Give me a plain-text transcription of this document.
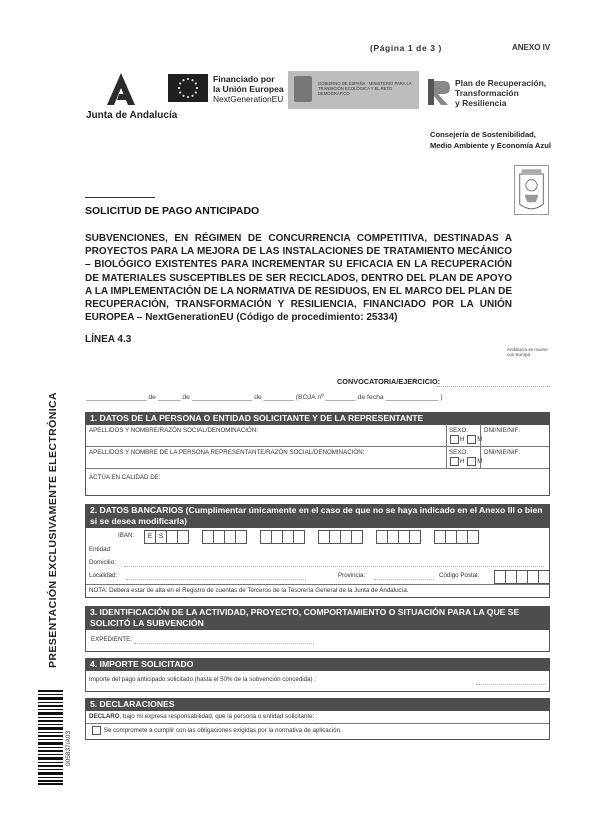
(Página 1 de 3 )	ANEXO IV
Junta de Andalucía
Financiado por
la Unión Europea
NextGenerationEU
GOBIERNO DE ESPAÑA · MINISTERIO PARA LA TRANSICIÓN ECOLÓGICA Y EL RETO DEMOGRÁFICO
Plan de Recuperación,
Transformación
y Resiliencia
Consejería de Sostenibilidad,
Medio Ambiente y Economía Azul
SOLICITUD DE PAGO ANTICIPADO
SUBVENCIONES, EN RÉGIMEN DE CONCURRENCIA COMPETITIVA, DESTINADAS A PROYECTOS PARA LA MEJORA DE LAS INSTALACIONES DE TRATAMIENTO MECÁNICO – BIOLÓGICO EXISTENTES PARA INCREMENTAR SU EFICACIA EN LA RECUPERACIÓN DE MATERIALES SUSCEPTIBLES DE SER RECICLADOS, DENTRO DEL PLAN DE APOYO A LA IMPLEMENTACIÓN DE LA NORMATIVA DE RESIDUOS, EN EL MARCO DEL PLAN DE RECUPERACIÓN, TRANSFORMACIÓN Y RESILIENCIA, FINANCIADO POR LA UNIÓN EUROPEA – NextGenerationEU (Código de procedimiento: 25334)
LÍNEA 4.3
Andalucía se mueve con Europa
CONVOCATORIA/EJERCICIO:
________________ de ______ de ________________ de ________ (BOJA nº ________ de fecha ______________ )
PRESENTACIÓN EXCLUSIVAMENTE ELECTRÓNICA
005837/A03
1. DATOS DE LA PERSONA O ENTIDAD SOLICITANTE Y DE LA REPRESENTANTE
APELLIDOS Y NOMBRE/RAZÓN SOCIAL/DENOMINACIÓN:	SEXO:
H M
DNI/NIE/NIF:
APELLIDOS Y NOMBRE DE LA PERSONA REPRESENTANTE/RAZÓN SOCIAL/DENOMINACIÓN:	SEXO:
H M
DNI/NIE/NIF:
ACTÚA EN CALIDAD DE:
2. DATOS BANCARIOS (Cumplimentar únicamente en el caso de que no se haya indicado en el Anexo III o bien si se desea modificarla)
IBAN:	E S
Entidad:
Domicilio:
Localidad:	Provincia:	Código Postal:
NOTA: Deberá estar de alta en el Registro de cuentas de Terceros de la Tesorería General de la Junta de Andalucía.
3. IDENTIFICACIÓN DE LA ACTIVIDAD, PROYECTO, COMPORTAMIENTO O SITUACIÓN PARA LA QUE SE SOLICITÓ LA SUBVENCIÓN
EXPEDIENTE:
4. IMPORTE SOLICITADO
Importe del pago anticipado solicitado (hasta el 50% de la subvención concedida) :
5. DECLARACIONES
DECLARO, bajo mi expresa responsabilidad, que la persona o entidad solicitante:
Se compromete a cumplir con las obligaciones exigidas por la normativa de aplicación.
